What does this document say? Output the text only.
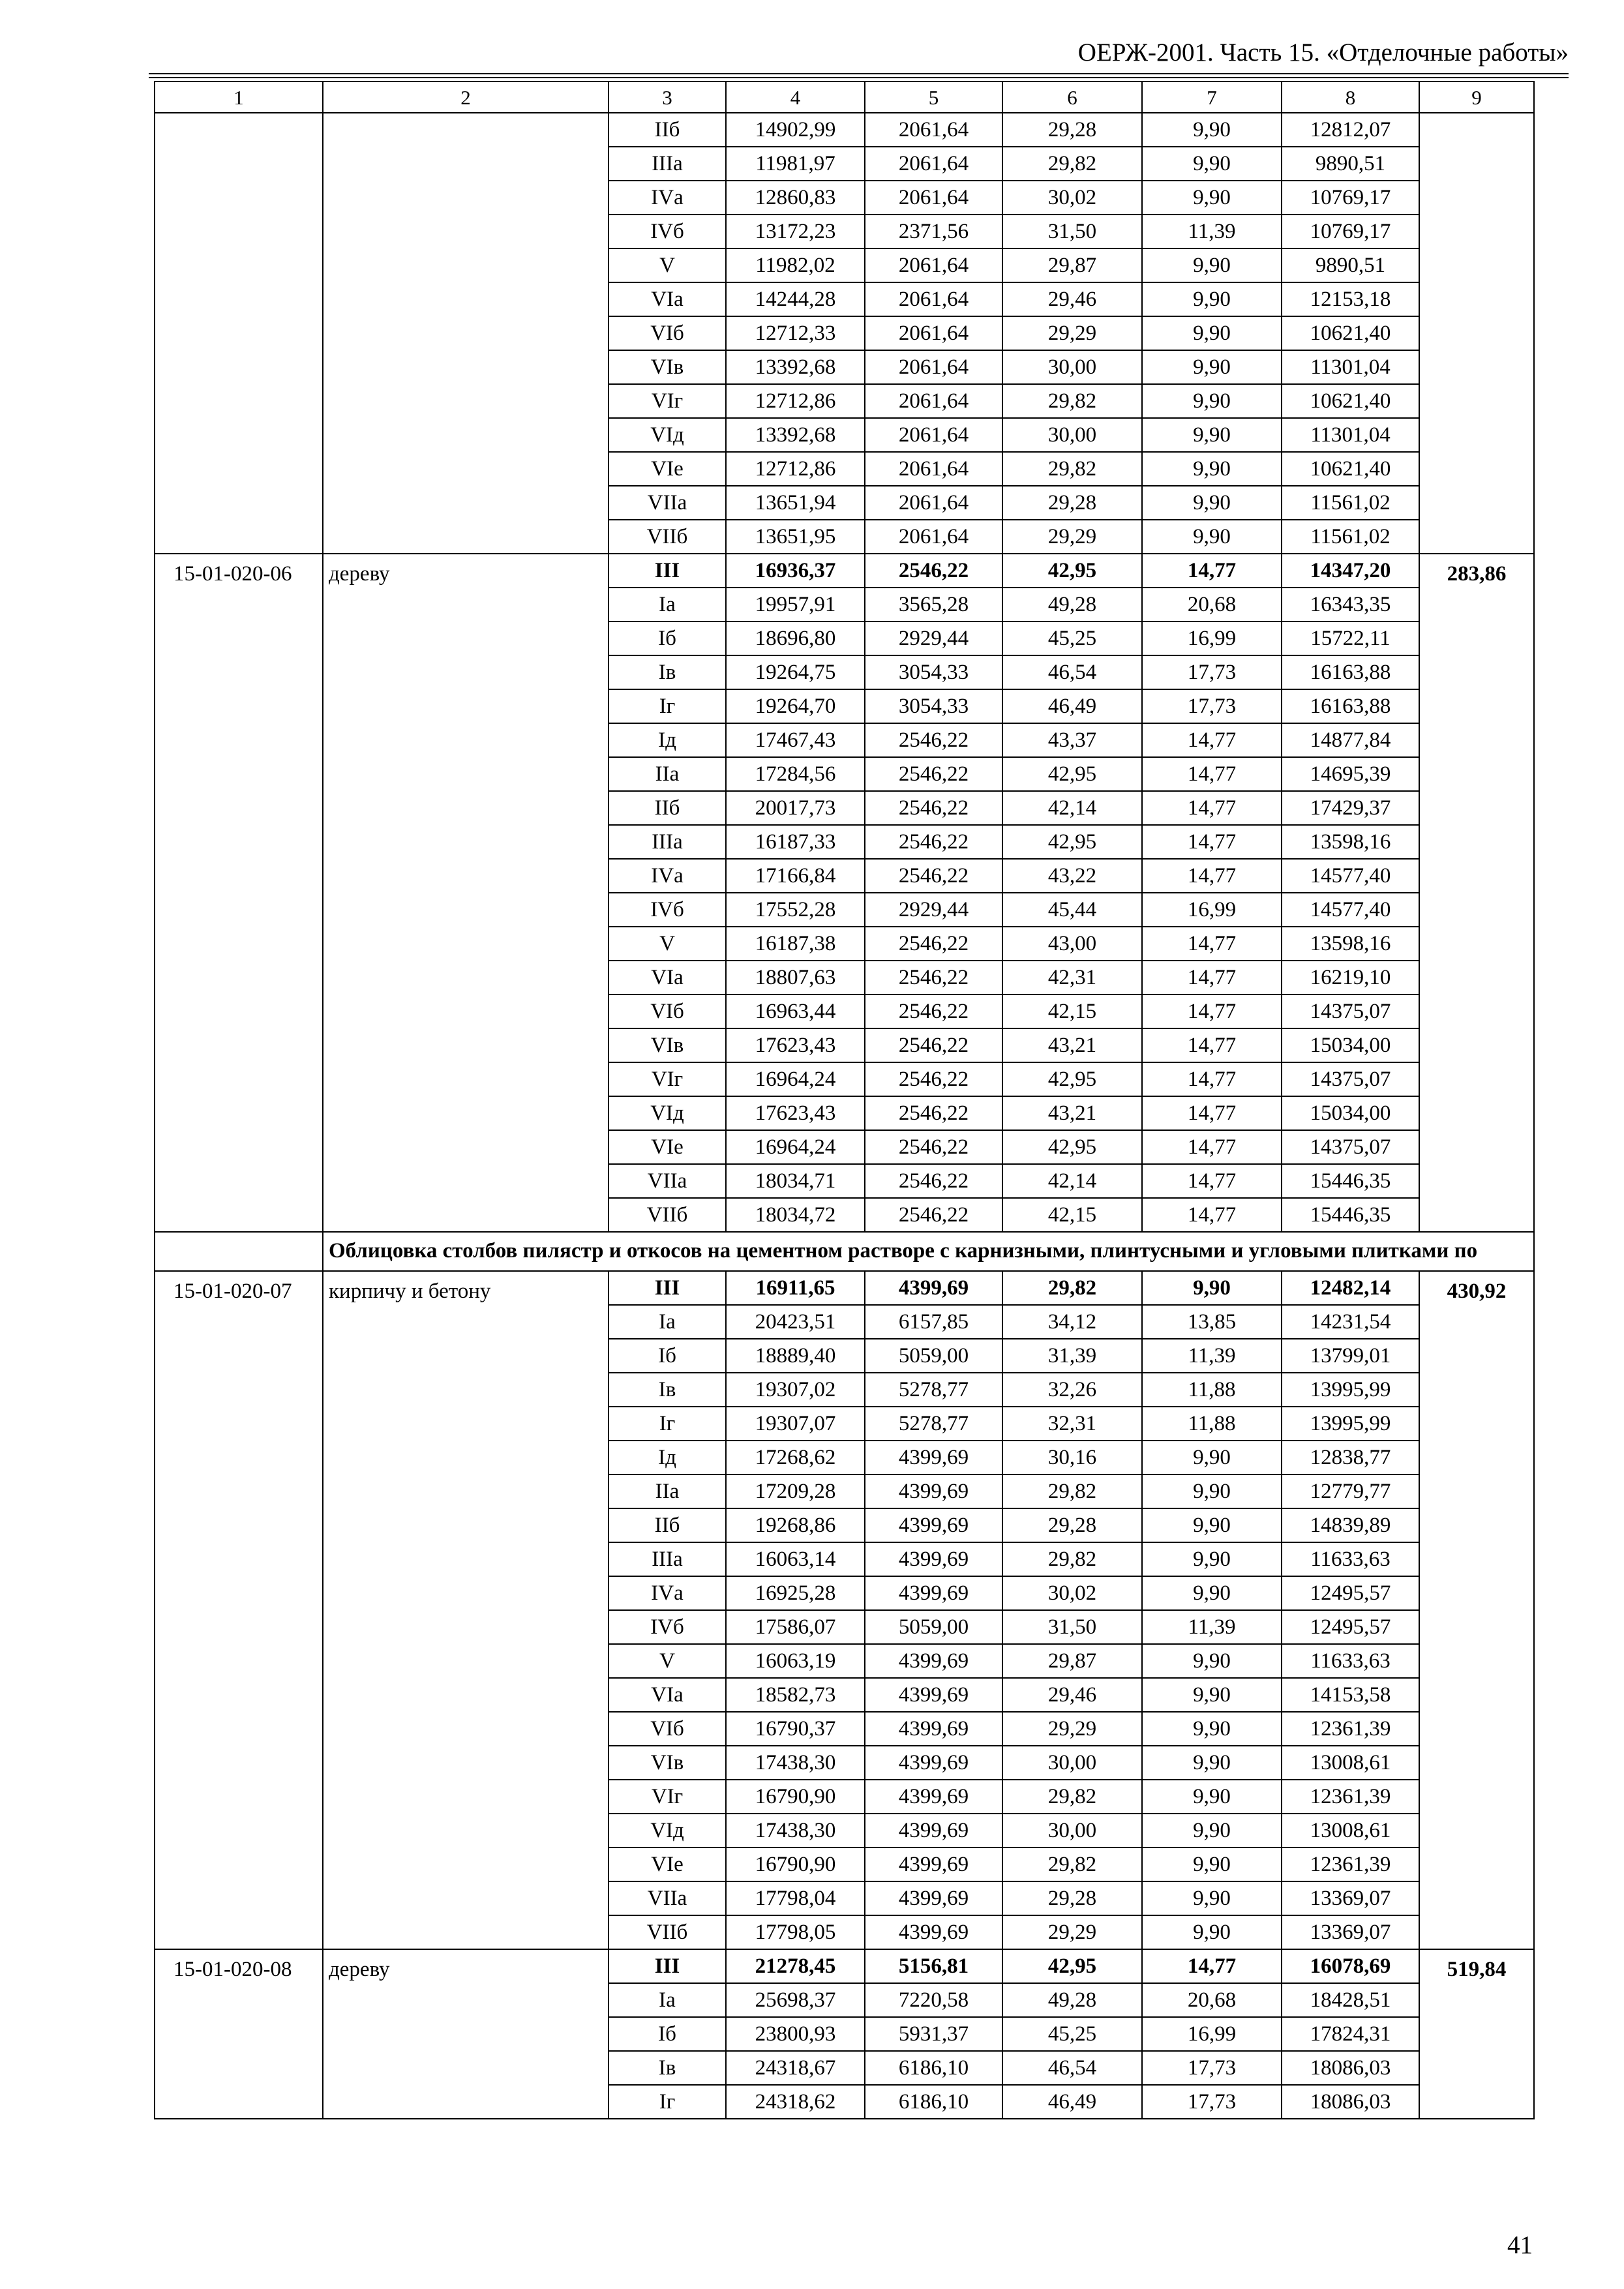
ОЕРЖ-2001. Часть 15. «Отделочные работы»
1	2	3	4	5	6	7	8	9
		IIб	14902,99	2061,64	29,28	9,90	12812,07	
		IIIа	11981,97	2061,64	29,82	9,90	9890,51	
		IVа	12860,83	2061,64	30,02	9,90	10769,17	
		IVб	13172,23	2371,56	31,50	11,39	10769,17	
		V	11982,02	2061,64	29,87	9,90	9890,51	
		VIа	14244,28	2061,64	29,46	9,90	12153,18	
		VIб	12712,33	2061,64	29,29	9,90	10621,40	
		VIв	13392,68	2061,64	30,00	9,90	11301,04	
		VIг	12712,86	2061,64	29,82	9,90	10621,40	
		VIд	13392,68	2061,64	30,00	9,90	11301,04	
		VIе	12712,86	2061,64	29,82	9,90	10621,40	
		VIIа	13651,94	2061,64	29,28	9,90	11561,02	
		VIIб	13651,95	2061,64	29,29	9,90	11561,02	
15-01-020-06	дереву	III	16936,37	2546,22	42,95	14,77	14347,20	283,86
		Iа	19957,91	3565,28	49,28	20,68	16343,35	
		Iб	18696,80	2929,44	45,25	16,99	15722,11	
		Iв	19264,75	3054,33	46,54	17,73	16163,88	
		Iг	19264,70	3054,33	46,49	17,73	16163,88	
		Iд	17467,43	2546,22	43,37	14,77	14877,84	
		IIа	17284,56	2546,22	42,95	14,77	14695,39	
		IIб	20017,73	2546,22	42,14	14,77	17429,37	
		IIIа	16187,33	2546,22	42,95	14,77	13598,16	
		IVа	17166,84	2546,22	43,22	14,77	14577,40	
		IVб	17552,28	2929,44	45,44	16,99	14577,40	
		V	16187,38	2546,22	43,00	14,77	13598,16	
		VIа	18807,63	2546,22	42,31	14,77	16219,10	
		VIб	16963,44	2546,22	42,15	14,77	14375,07	
		VIв	17623,43	2546,22	43,21	14,77	15034,00	
		VIг	16964,24	2546,22	42,95	14,77	14375,07	
		VIд	17623,43	2546,22	43,21	14,77	15034,00	
		VIе	16964,24	2546,22	42,95	14,77	14375,07	
		VIIа	18034,71	2546,22	42,14	14,77	15446,35	
		VIIб	18034,72	2546,22	42,15	14,77	15446,35	
	Облицовка столбов пилястр и откосов на цементном растворе с карнизными, плинтусными и угловыми плитками по							
15-01-020-07	кирпичу и бетону	III	16911,65	4399,69	29,82	9,90	12482,14	430,92
		Iа	20423,51	6157,85	34,12	13,85	14231,54	
		Iб	18889,40	5059,00	31,39	11,39	13799,01	
		Iв	19307,02	5278,77	32,26	11,88	13995,99	
		Iг	19307,07	5278,77	32,31	11,88	13995,99	
		Iд	17268,62	4399,69	30,16	9,90	12838,77	
		IIа	17209,28	4399,69	29,82	9,90	12779,77	
		IIб	19268,86	4399,69	29,28	9,90	14839,89	
		IIIа	16063,14	4399,69	29,82	9,90	11633,63	
		IVа	16925,28	4399,69	30,02	9,90	12495,57	
		IVб	17586,07	5059,00	31,50	11,39	12495,57	
		V	16063,19	4399,69	29,87	9,90	11633,63	
		VIа	18582,73	4399,69	29,46	9,90	14153,58	
		VIб	16790,37	4399,69	29,29	9,90	12361,39	
		VIв	17438,30	4399,69	30,00	9,90	13008,61	
		VIг	16790,90	4399,69	29,82	9,90	12361,39	
		VIд	17438,30	4399,69	30,00	9,90	13008,61	
		VIе	16790,90	4399,69	29,82	9,90	12361,39	
		VIIа	17798,04	4399,69	29,28	9,90	13369,07	
		VIIб	17798,05	4399,69	29,29	9,90	13369,07	
15-01-020-08	дереву	III	21278,45	5156,81	42,95	14,77	16078,69	519,84
		Iа	25698,37	7220,58	49,28	20,68	18428,51	
		Iб	23800,93	5931,37	45,25	16,99	17824,31	
		Iв	24318,67	6186,10	46,54	17,73	18086,03	
		Iг	24318,62	6186,10	46,49	17,73	18086,03	
41
